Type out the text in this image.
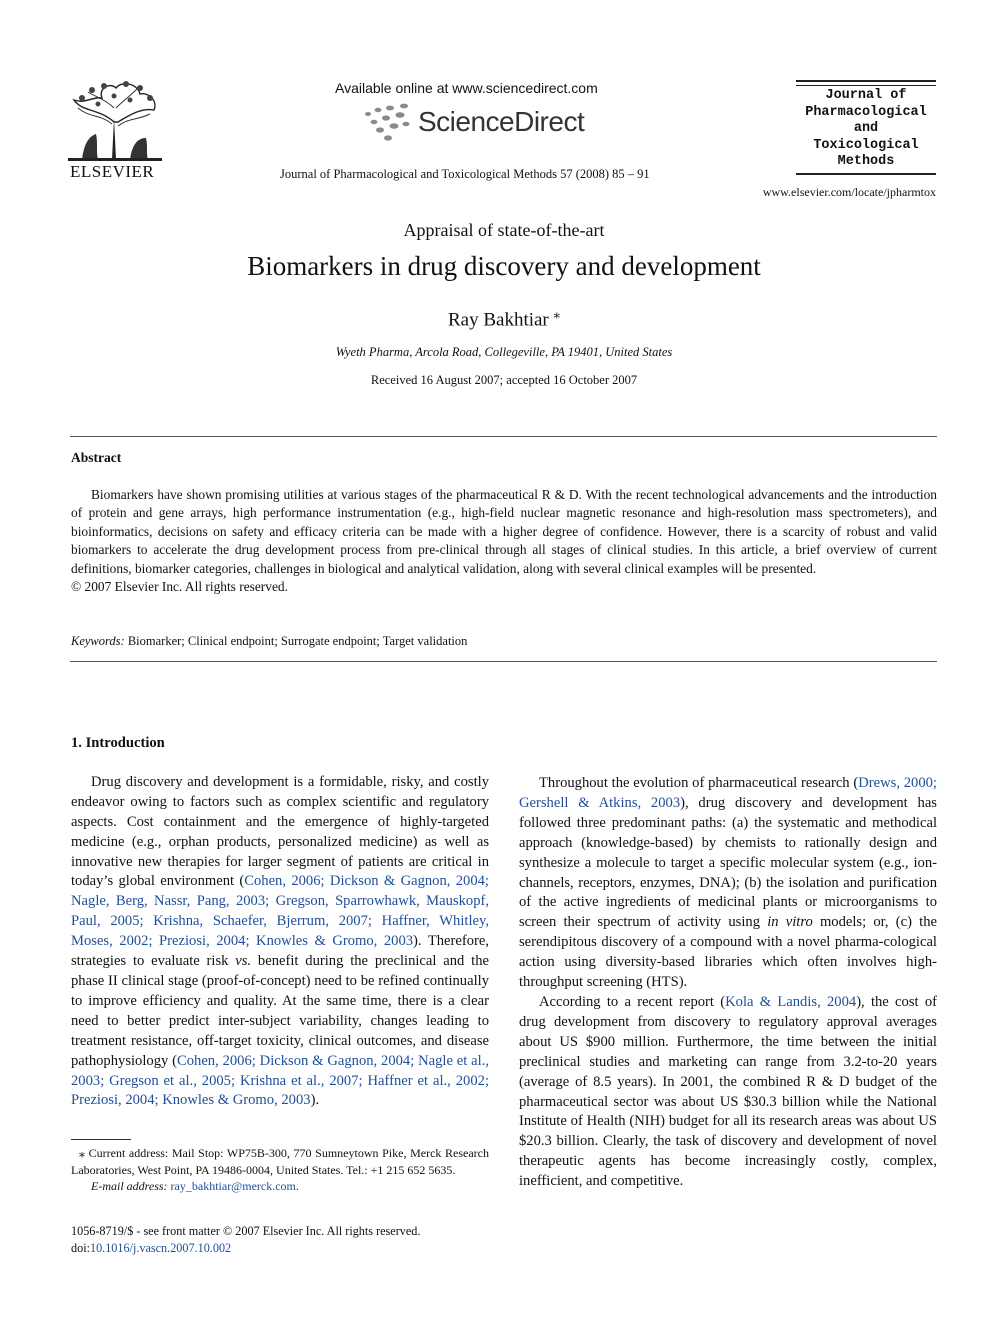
ELSEVIER
Available online at www.sciencedirect.com
ScienceDirect
Journal of Pharmacological and Toxicological Methods 57 (2008) 85 – 91
Journal of
Pharmacological
and
Toxicological
Methods
www.elsevier.com/locate/jpharmtox
Appraisal of state-of-the-art
Biomarkers in drug discovery and development
Ray Bakhtiar ⁎
Wyeth Pharma, Arcola Road, Collegeville, PA 19401, United States
Received 16 August 2007; accepted 16 October 2007
Abstract
Biomarkers have shown promising utilities at various stages of the pharmaceutical R & D. With the recent technological advancements and the introduction of protein and gene arrays, high performance instrumentation (e.g., high-field nuclear magnetic resonance and high-resolution mass spectrometers), and bioinformatics, decisions on safety and efficacy criteria can be made with a higher degree of confidence. However, there is a scarcity of robust and valid biomarkers to accelerate the drug development process from pre-clinical through all stages of clinical studies. In this article, a brief overview of current definitions, biomarker categories, challenges in biological and analytical validation, along with several clinical examples will be presented.
© 2007 Elsevier Inc. All rights reserved.
Keywords: Biomarker; Clinical endpoint; Surrogate endpoint; Target validation
1. Introduction

Drug discovery and development is a formidable, risky, and costly endeavor owing to factors such as complex scientific and regulatory aspects. Cost containment and the emergence of highly-targeted medicine (e.g., orphan products, personalized medicine) as well as innovative new therapies for larger segment of patients are critical in today’s global environment (Cohen, 2006; Dickson & Gagnon, 2004; Nagle, Berg, Nassr, Pang, 2003; Gregson, Sparrowhawk, Mauskopf, Paul, 2005; Krishna, Schaefer, Bjerrum, 2007; Haffner, Whitley, Moses, 2002; Preziosi, 2004; Knowles & Gromo, 2003). Therefore, strategies to evaluate risk vs. benefit during the preclinical and the phase II clinical stage (proof-of-concept) need to be refined continually to improve efficiency and quality. At the same time, there is a clear need to better predict inter-subject variability, changes leading to treatment resistance, off-target toxicity, clinical outcomes, and disease pathophysiology (Cohen, 2006; Dickson & Gagnon, 2004; Nagle et al., 2003; Gregson et al., 2005; Krishna et al., 2007; Haffner et al., 2002; Preziosi, 2004; Knowles & Gromo, 2003).

Throughout the evolution of pharmaceutical research (Drews, 2000; Gershell & Atkins, 2003), drug discovery and development has followed three predominant paths: (a) the systematic and methodical approach (knowledge-based) by chemists to rationally design and synthesize a molecule to target a specific molecular system (e.g., ion-channels, receptors, enzymes, DNA); (b) the isolation and purification of the active ingredients of medicinal plants or microorganisms to screen their spectrum of activity using in vitro models; or, (c) the serendipitous discovery of a compound with a novel pharma-cological action using diversity-based libraries which often involves high-throughput screening (HTS).

According to a recent report (Kola & Landis, 2004), the cost of drug development from discovery to regulatory approval averages about US $900 million. Furthermore, the time between the initial preclinical studies and marketing can range from 3.2-to-20 years (average of 8.5 years). In 2001, the combined R & D budget of the pharmaceutical sector was about US $30.3 billion while the National Institute of Health (NIH) budget for all its research areas was about US $20.3 billion. Clearly, the task of discovery and development of novel therapeutic agents has become increasingly costly, complex, inefficient, and competitive.

⁎ Current address: Mail Stop: WP75B-300, 770 Sumneytown Pike, Merck Research Laboratories, West Point, PA 19486-0004, United States. Tel.: +1 215 652 5635.
E-mail address: ray_bakhtiar@merck.com.
1056-8719/$ - see front matter © 2007 Elsevier Inc. All rights reserved.
doi:10.1016/j.vascn.2007.10.002
